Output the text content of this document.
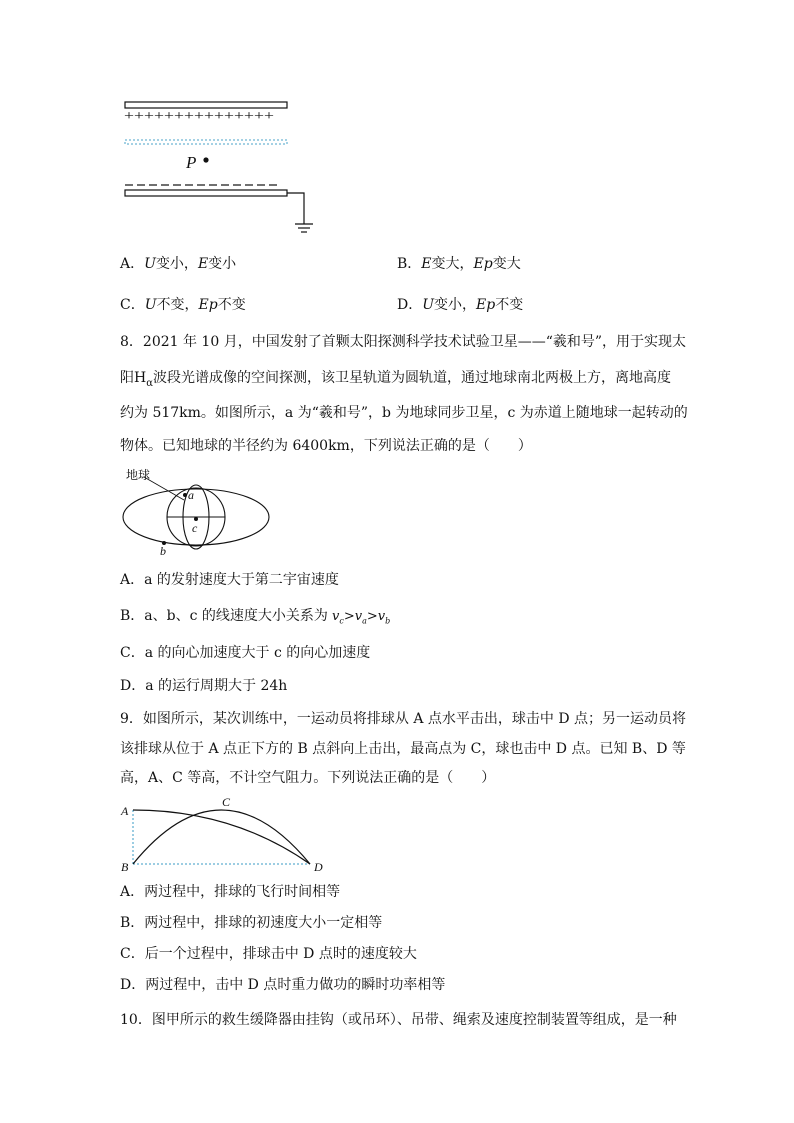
+++++++++++++++
P
A．U变小，E变小	B．E变大，Ep变大
C．U不变，Ep不变	D．U变小，Ep不变
8．2021 年 10 月，中国发射了首颗太阳探测科学技术试验卫星——“羲和号”，用于实现太
阳$H_\alpha$波段光谱成像的空间探测，该卫星轨道为圆轨道，通过地球南北两极上方，离地高度
约为 517km。如图所示，a 为“羲和号”，b 为地球同步卫星，c 为赤道上随地球一起转动的
物体。已知地球的半径约为 6400km，下列说法正确的是（　　）
地球
a
c
b
A．a 的发射速度大于第二宇宙速度
B．a、b、c 的线速度大小关系为 $v_c>v_a>v_b$
C．a 的向心加速度大于 c 的向心加速度
D．a 的运行周期大于 24h
9．如图所示，某次训练中，一运动员将排球从 A 点水平击出，球击中 D 点；另一运动员将
该排球从位于 A 点正下方的 B 点斜向上击出，最高点为 C，球也击中 D 点。已知 B、D 等
高，A、C 等高，不计空气阻力。下列说法正确的是（　　）
A
B
C
D
A．两过程中，排球的飞行时间相等
B．两过程中，排球的初速度大小一定相等
C．后一个过程中，排球击中 D 点时的速度较大
D．两过程中，击中 D 点时重力做功的瞬时功率相等
10．图甲所示的救生缓降器由挂钩（或吊环）、吊带、绳索及速度控制装置等组成，是一种
